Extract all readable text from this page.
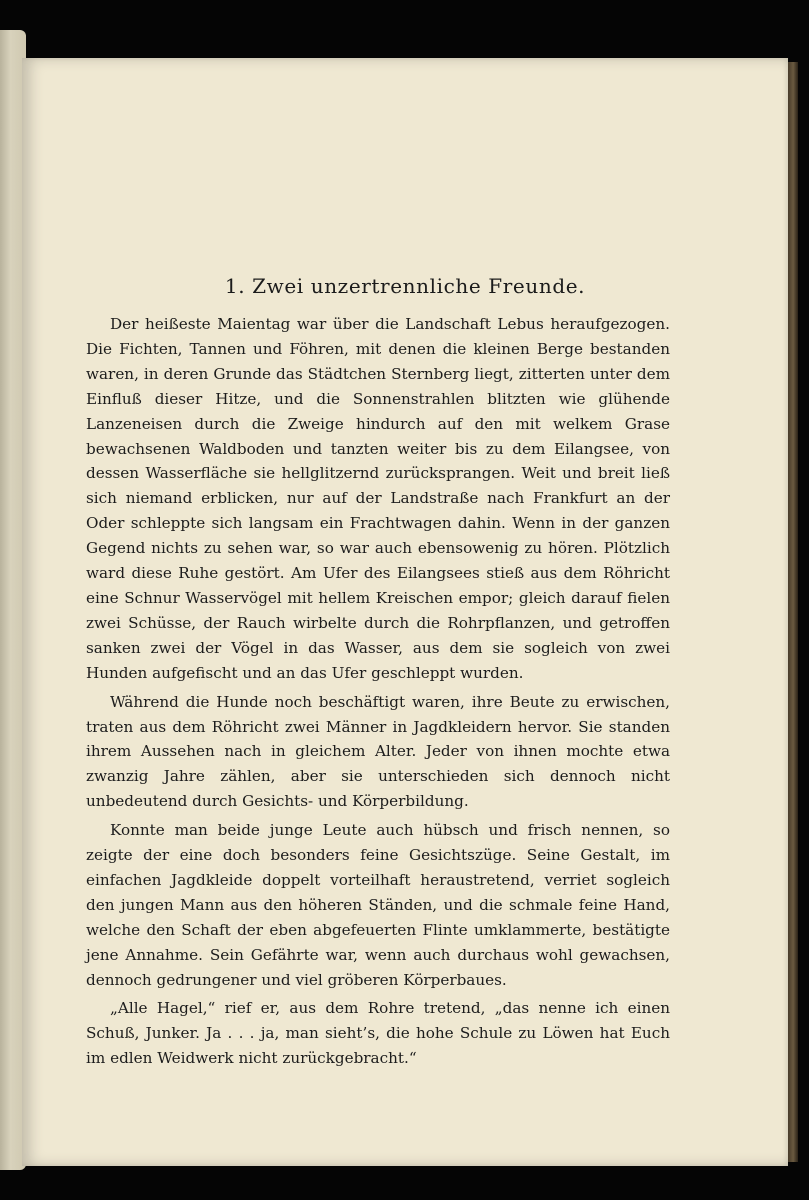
1. Zwei unzertrennliche Freunde.

Der heißeste Maientag war über die Landschaft Lebus heraufgezogen. Die Fichten, Tannen und Föhren, mit denen die kleinen Berge bestanden waren, in deren Grunde das Städtchen Sternberg liegt, zitterten unter dem Einfluß dieser Hitze, und die Sonnenstrahlen blitzten wie glühende Lanzeneisen durch die Zweige hindurch auf den mit welkem Grase bewachsenen Waldboden und tanzten weiter bis zu dem Eilangsee, von dessen Wasserfläche sie hellglitzernd zurücksprangen. Weit und breit ließ sich niemand erblicken, nur auf der Landstraße nach Frankfurt an der Oder schleppte sich langsam ein Frachtwagen dahin. Wenn in der ganzen Gegend nichts zu sehen war, so war auch ebensowenig zu hören. Plötzlich ward diese Ruhe gestört. Am Ufer des Eilangsees stieß aus dem Röhricht eine Schnur Wasservögel mit hellem Kreischen empor; gleich darauf fielen zwei Schüsse, der Rauch wirbelte durch die Rohrpflanzen, und getroffen sanken zwei der Vögel in das Wasser, aus dem sie sogleich von zwei Hunden aufgefischt und an das Ufer geschleppt wurden.

Während die Hunde noch beschäftigt waren, ihre Beute zu erwischen, traten aus dem Röhricht zwei Männer in Jagdkleidern hervor. Sie standen ihrem Aussehen nach in gleichem Alter. Jeder von ihnen mochte etwa zwanzig Jahre zählen, aber sie unterschieden sich dennoch nicht unbedeutend durch Gesichts- und Körperbildung.

Konnte man beide junge Leute auch hübsch und frisch nennen, so zeigte der eine doch besonders feine Gesichtszüge. Seine Gestalt, im einfachen Jagdkleide doppelt vorteilhaft heraustretend, verriet sogleich den jungen Mann aus den höheren Ständen, und die schmale feine Hand, welche den Schaft der eben abgefeuerten Flinte umklammerte, bestätigte jene Annahme. Sein Gefährte war, wenn auch durchaus wohl gewachsen, dennoch gedrungener und viel gröberen Körperbaues.

„Alle Hagel,“ rief er, aus dem Rohre tretend, „das nenne ich einen Schuß, Junker. Ja . . . ja, man sieht’s, die hohe Schule zu Löwen hat Euch im edlen Weidwerk nicht zurückgebracht.“
